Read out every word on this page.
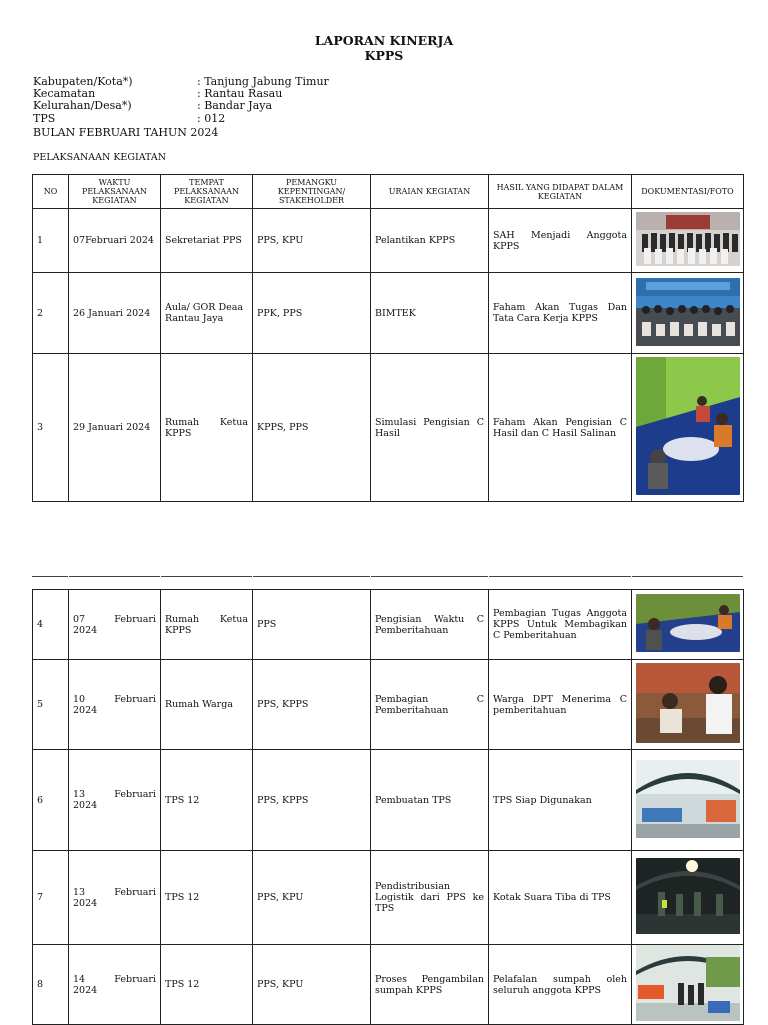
LAPORAN KINERJA
KPPS
Kabupaten/Kota*)	: Tanjung Jabung Timur
Kecamatan	: Rantau Rasau
Kelurahan/Desa*)	: Bandar Jaya
TPS	: 012
BULAN FEBRUARI TAHUN 2024
PELAKSANAAN KEGIATAN
NO	WAKTU PELAKSANAAN KEGIATAN	TEMPAT PELAKSANAAN KEGIATAN	PEMANGKU KEPENTINGAN/ STAKEHOLDER	URAIAN KEGIATAN	HASIL YANG DIDAPAT DALAM KEGIATAN	DOKUMENTASI/FOTO
1	07Februari 2024	Sekretariat PPS	PPS, KPU	Pelantikan KPPS	SAH Menjadi Anggota KPPS	
2	26 Januari 2024	Aula/ GOR Deaa Rantau Jaya	PPK, PPS	BIMTEK	Faham Akan Tugas Dan Tata Cara Kerja KPPS	
3	29 Januari 2024	Rumah Ketua KPPS	KPPS, PPS	Simulasi Pengisian C Hasil	Faham Akan Pengisian C Hasil dan C Hasil Salinan	
4	07 Februari 2024	Rumah Ketua KPPS	PPS	Pengisian Waktu C Pemberitahuan	Pembagian Tugas Anggota KPPS Untuk Membagikan C Pemberitahuan	
5	10 Februari 2024	Rumah Warga	PPS, KPPS	Pembagian C Pemberitahuan	Warga DPT Menerima C pemberitahuan	
6	13 Februari 2024	TPS 12	PPS, KPPS	Pembuatan TPS	TPS Siap Digunakan	
7	13 Februari 2024	TPS 12	PPS, KPU	Pendistribusian Logistik dari PPS ke TPS	Kotak Suara Tiba di TPS	
8	14 Februari 2024	TPS 12	PPS, KPU	Proses Pengambilan sumpah KPPS	Pelafalan sumpah oleh seluruh anggota KPPS	
